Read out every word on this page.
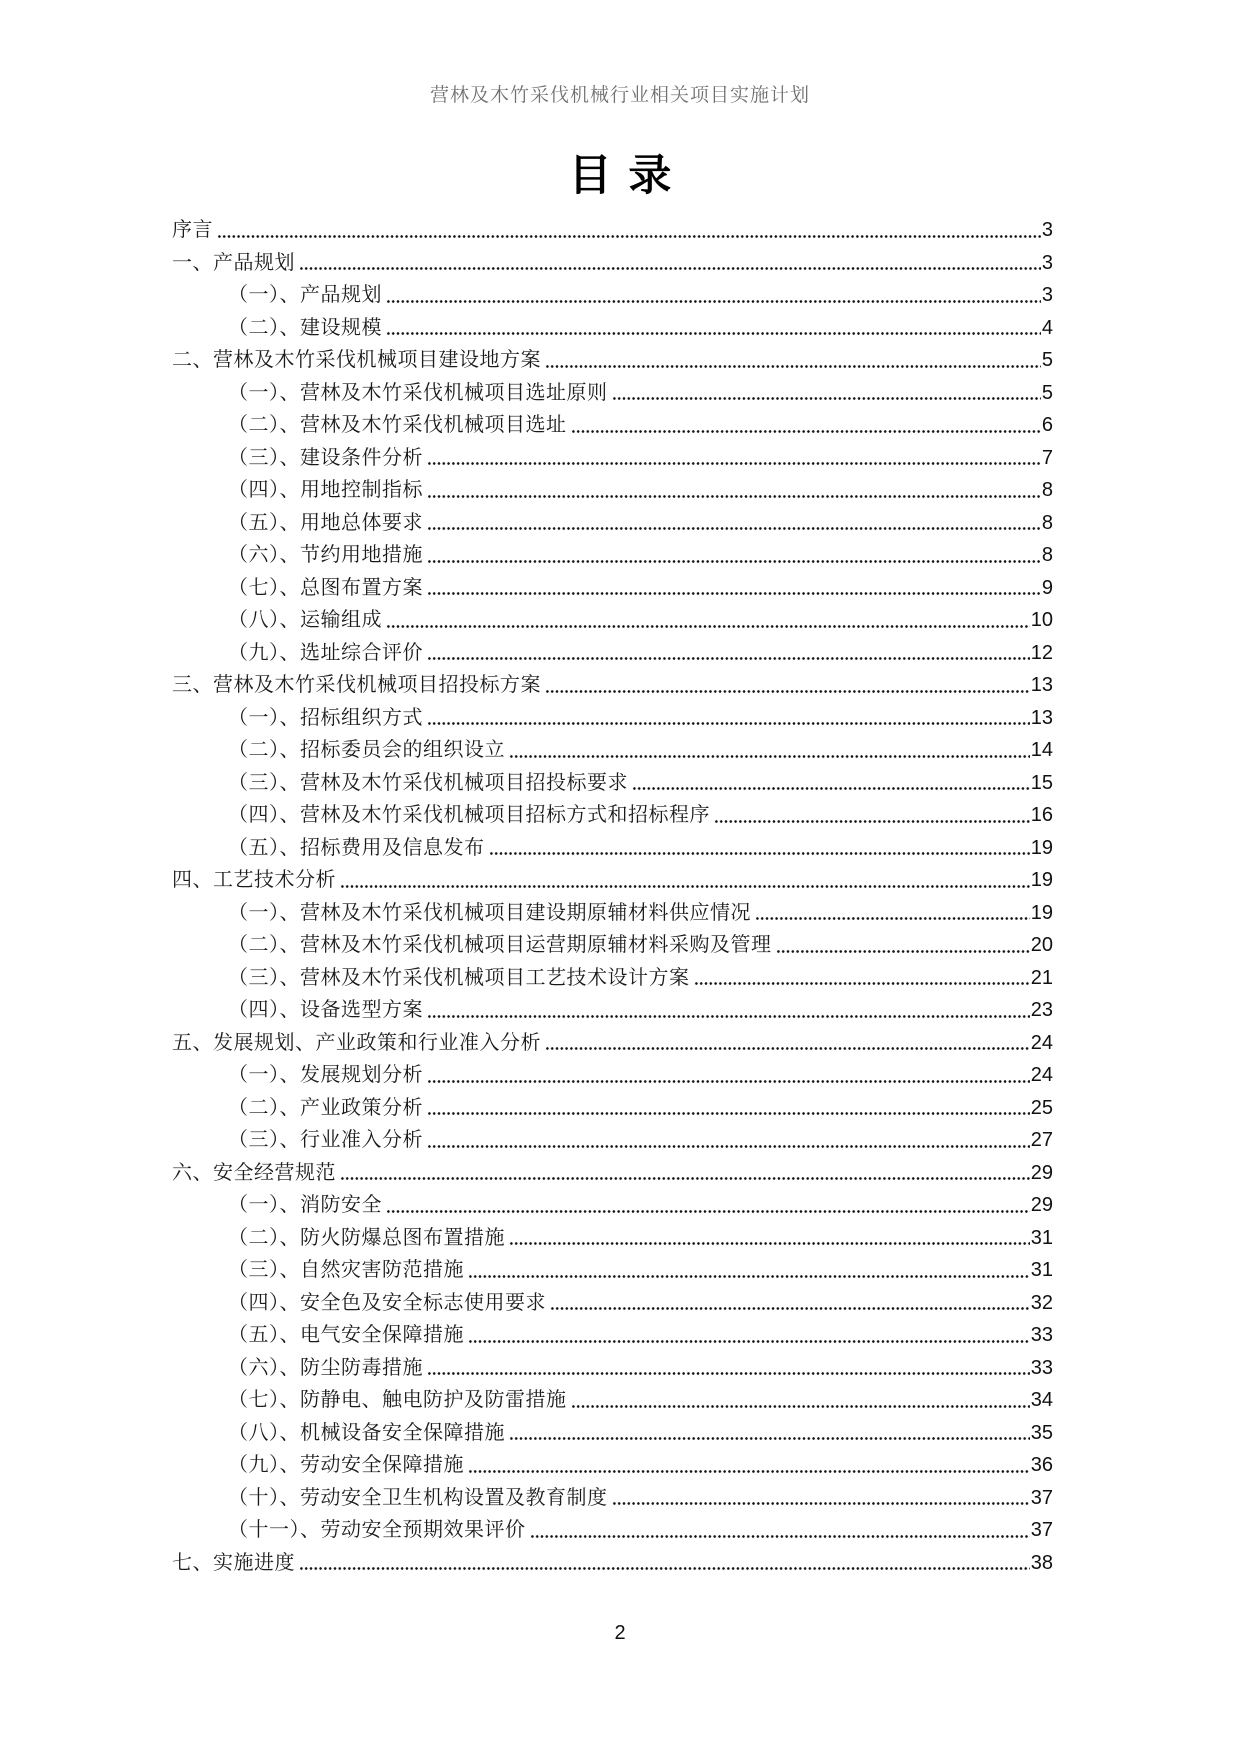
营林及木竹采伐机械行业相关项目实施计划
目 录
序言	3
一、产品规划	3
（一）、产品规划	3
（二）、建设规模	4
二、营林及木竹采伐机械项目建设地方案	5
（一）、营林及木竹采伐机械项目选址原则	5
（二）、营林及木竹采伐机械项目选址	6
（三）、建设条件分析	7
（四）、用地控制指标	8
（五）、用地总体要求	8
（六）、节约用地措施	8
（七）、总图布置方案	9
（八）、运输组成	10
（九）、选址综合评价	12
三、营林及木竹采伐机械项目招投标方案	13
（一）、招标组织方式	13
（二）、招标委员会的组织设立	14
（三）、营林及木竹采伐机械项目招投标要求	15
（四）、营林及木竹采伐机械项目招标方式和招标程序	16
（五）、招标费用及信息发布	19
四、工艺技术分析	19
（一）、营林及木竹采伐机械项目建设期原辅材料供应情况	19
（二）、营林及木竹采伐机械项目运营期原辅材料采购及管理	20
（三）、营林及木竹采伐机械项目工艺技术设计方案	21
（四）、设备选型方案	23
五、发展规划、产业政策和行业准入分析	24
（一）、发展规划分析	24
（二）、产业政策分析	25
（三）、行业准入分析	27
六、安全经营规范	29
（一）、消防安全	29
（二）、防火防爆总图布置措施	31
（三）、自然灾害防范措施	31
（四）、安全色及安全标志使用要求	32
（五）、电气安全保障措施	33
（六）、防尘防毒措施	33
（七）、防静电、触电防护及防雷措施	34
（八）、机械设备安全保障措施	35
（九）、劳动安全保障措施	36
（十）、劳动安全卫生机构设置及教育制度	37
（十一）、劳动安全预期效果评价	37
七、实施进度	38
2
